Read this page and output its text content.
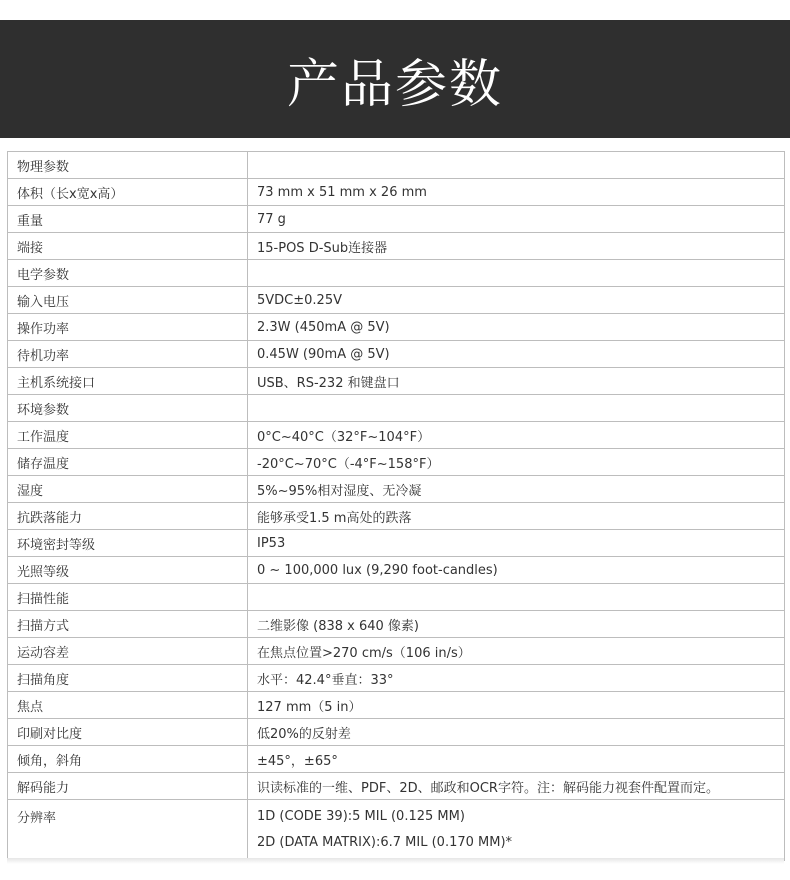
产品参数
物理参数	
体积（长x宽x高）	73 mm x 51 mm x 26 mm
重量	77 g
端接	15-POS D-Sub连接器
电学参数	
输入电压	5VDC±0.25V
操作功率	2.3W (450mA @ 5V)
待机功率	0.45W (90mA @ 5V)
主机系统接口	USB、RS-232 和键盘口
环境参数	
工作温度	0°C~40°C（32°F~104°F）
储存温度	-20°C~70°C（-4°F~158°F）
湿度	5%~95%相对湿度、无冷凝
抗跌落能力	能够承受1.5 m高处的跌落
环境密封等级	IP53
光照等级	0 ~ 100,000 lux (9,290 foot-candles)
扫描性能	
扫描方式	二维影像 (838 x 640 像素)
运动容差	在焦点位置>270 cm/s（106 in/s）
扫描角度	水平：42.4°垂直：33°
焦点	127 mm（5 in）
印刷对比度	低20%的反射差
倾角，斜角	±45°，±65°
解码能力	识读标准的一维、PDF、2D、邮政和OCR字符。注：解码能力视套件配置而定。
分辨率	1D (CODE 39):5 MIL (0.125 MM)
2D (DATA MATRIX):6.7 MIL (0.170 MM)*
